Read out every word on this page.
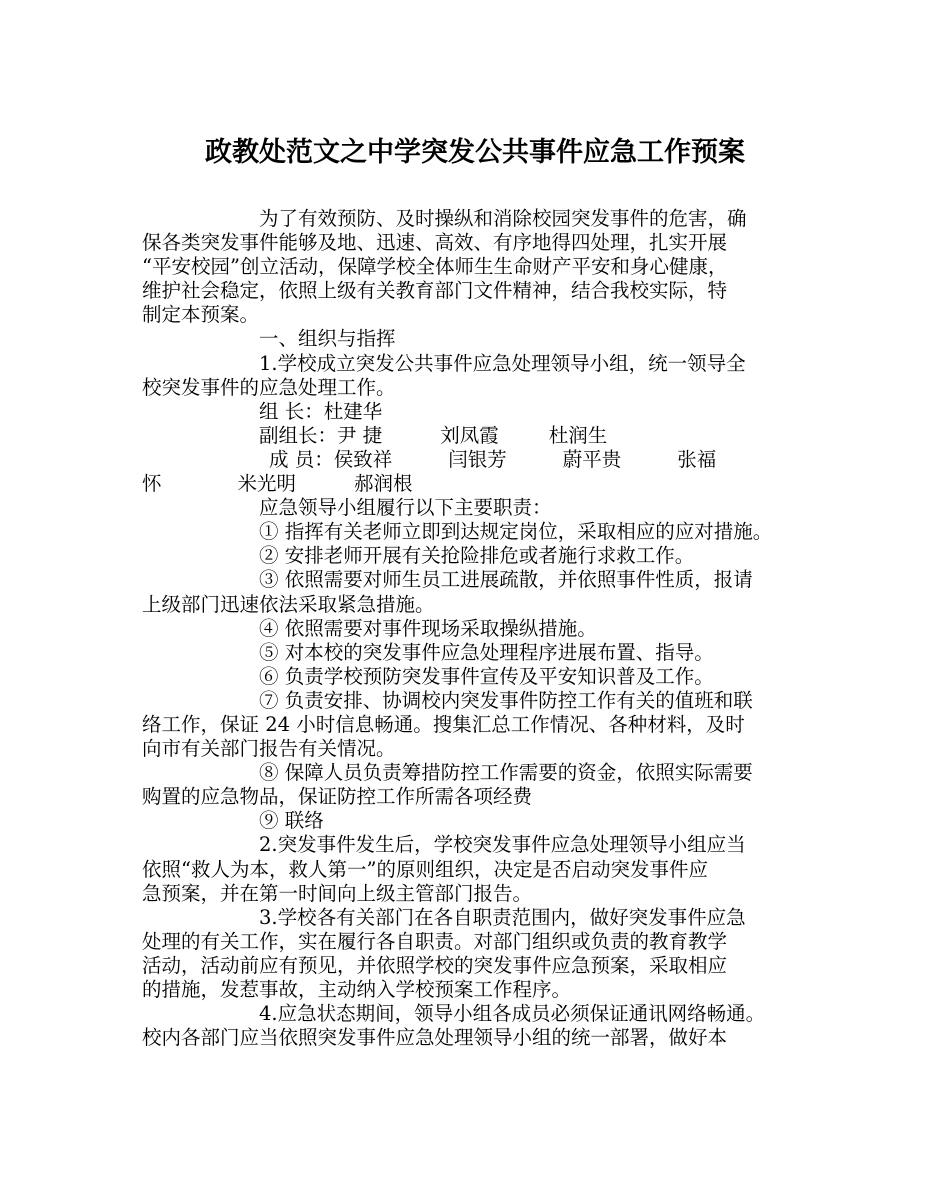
政教处范文之中学突发公共事件应急工作预案
为了有效预防、及时操纵和消除校园突发事件的危害，确
保各类突发事件能够及地、迅速、高效、有序地得四处理，扎实开展
“平安校园”创立活动，保障学校全体师生生命财产平安和身心健康，
维护社会稳定，依照上级有关教育部门文件精神，结合我校实际，特
制定本预案。
一、组织与指挥
1.学校成立突发公共事件应急处理领导小组，统一领导全
校突发事件的应急处理工作。
组 长：杜建华
副组长：尹 捷	刘凤霞	杜润生
成 员：侯致祥	闫银芳	蔚平贵	张福
怀	米光明	郝润根
应急领导小组履行以下主要职责：
① 指挥有关老师立即到达规定岗位，采取相应的应对措施。
② 安排老师开展有关抢险排危或者施行求救工作。
③ 依照需要对师生员工进展疏散，并依照事件性质，报请
上级部门迅速依法采取紧急措施。
④ 依照需要对事件现场采取操纵措施。
⑤ 对本校的突发事件应急处理程序进展布置、指导。
⑥ 负责学校预防突发事件宣传及平安知识普及工作。
⑦ 负责安排、协调校内突发事件防控工作有关的值班和联
络工作，保证 24 小时信息畅通。搜集汇总工作情况、各种材料，及时
向市有关部门报告有关情况。
⑧ 保障人员负责筹措防控工作需要的资金，依照实际需要
购置的应急物品，保证防控工作所需各项经费
⑨ 联络
2.突发事件发生后，学校突发事件应急处理领导小组应当
依照“救人为本，救人第一”的原则组织，决定是否启动突发事件应
急预案，并在第一时间向上级主管部门报告。
3.学校各有关部门在各自职责范围内，做好突发事件应急
处理的有关工作，实在履行各自职责。对部门组织或负责的教育教学
活动，活动前应有预见，并依照学校的突发事件应急预案，采取相应
的措施，发惹事故，主动纳入学校预案工作程序。
4.应急状态期间，领导小组各成员必须保证通讯网络畅通。
校内各部门应当依照突发事件应急处理领导小组的统一部署，做好本
